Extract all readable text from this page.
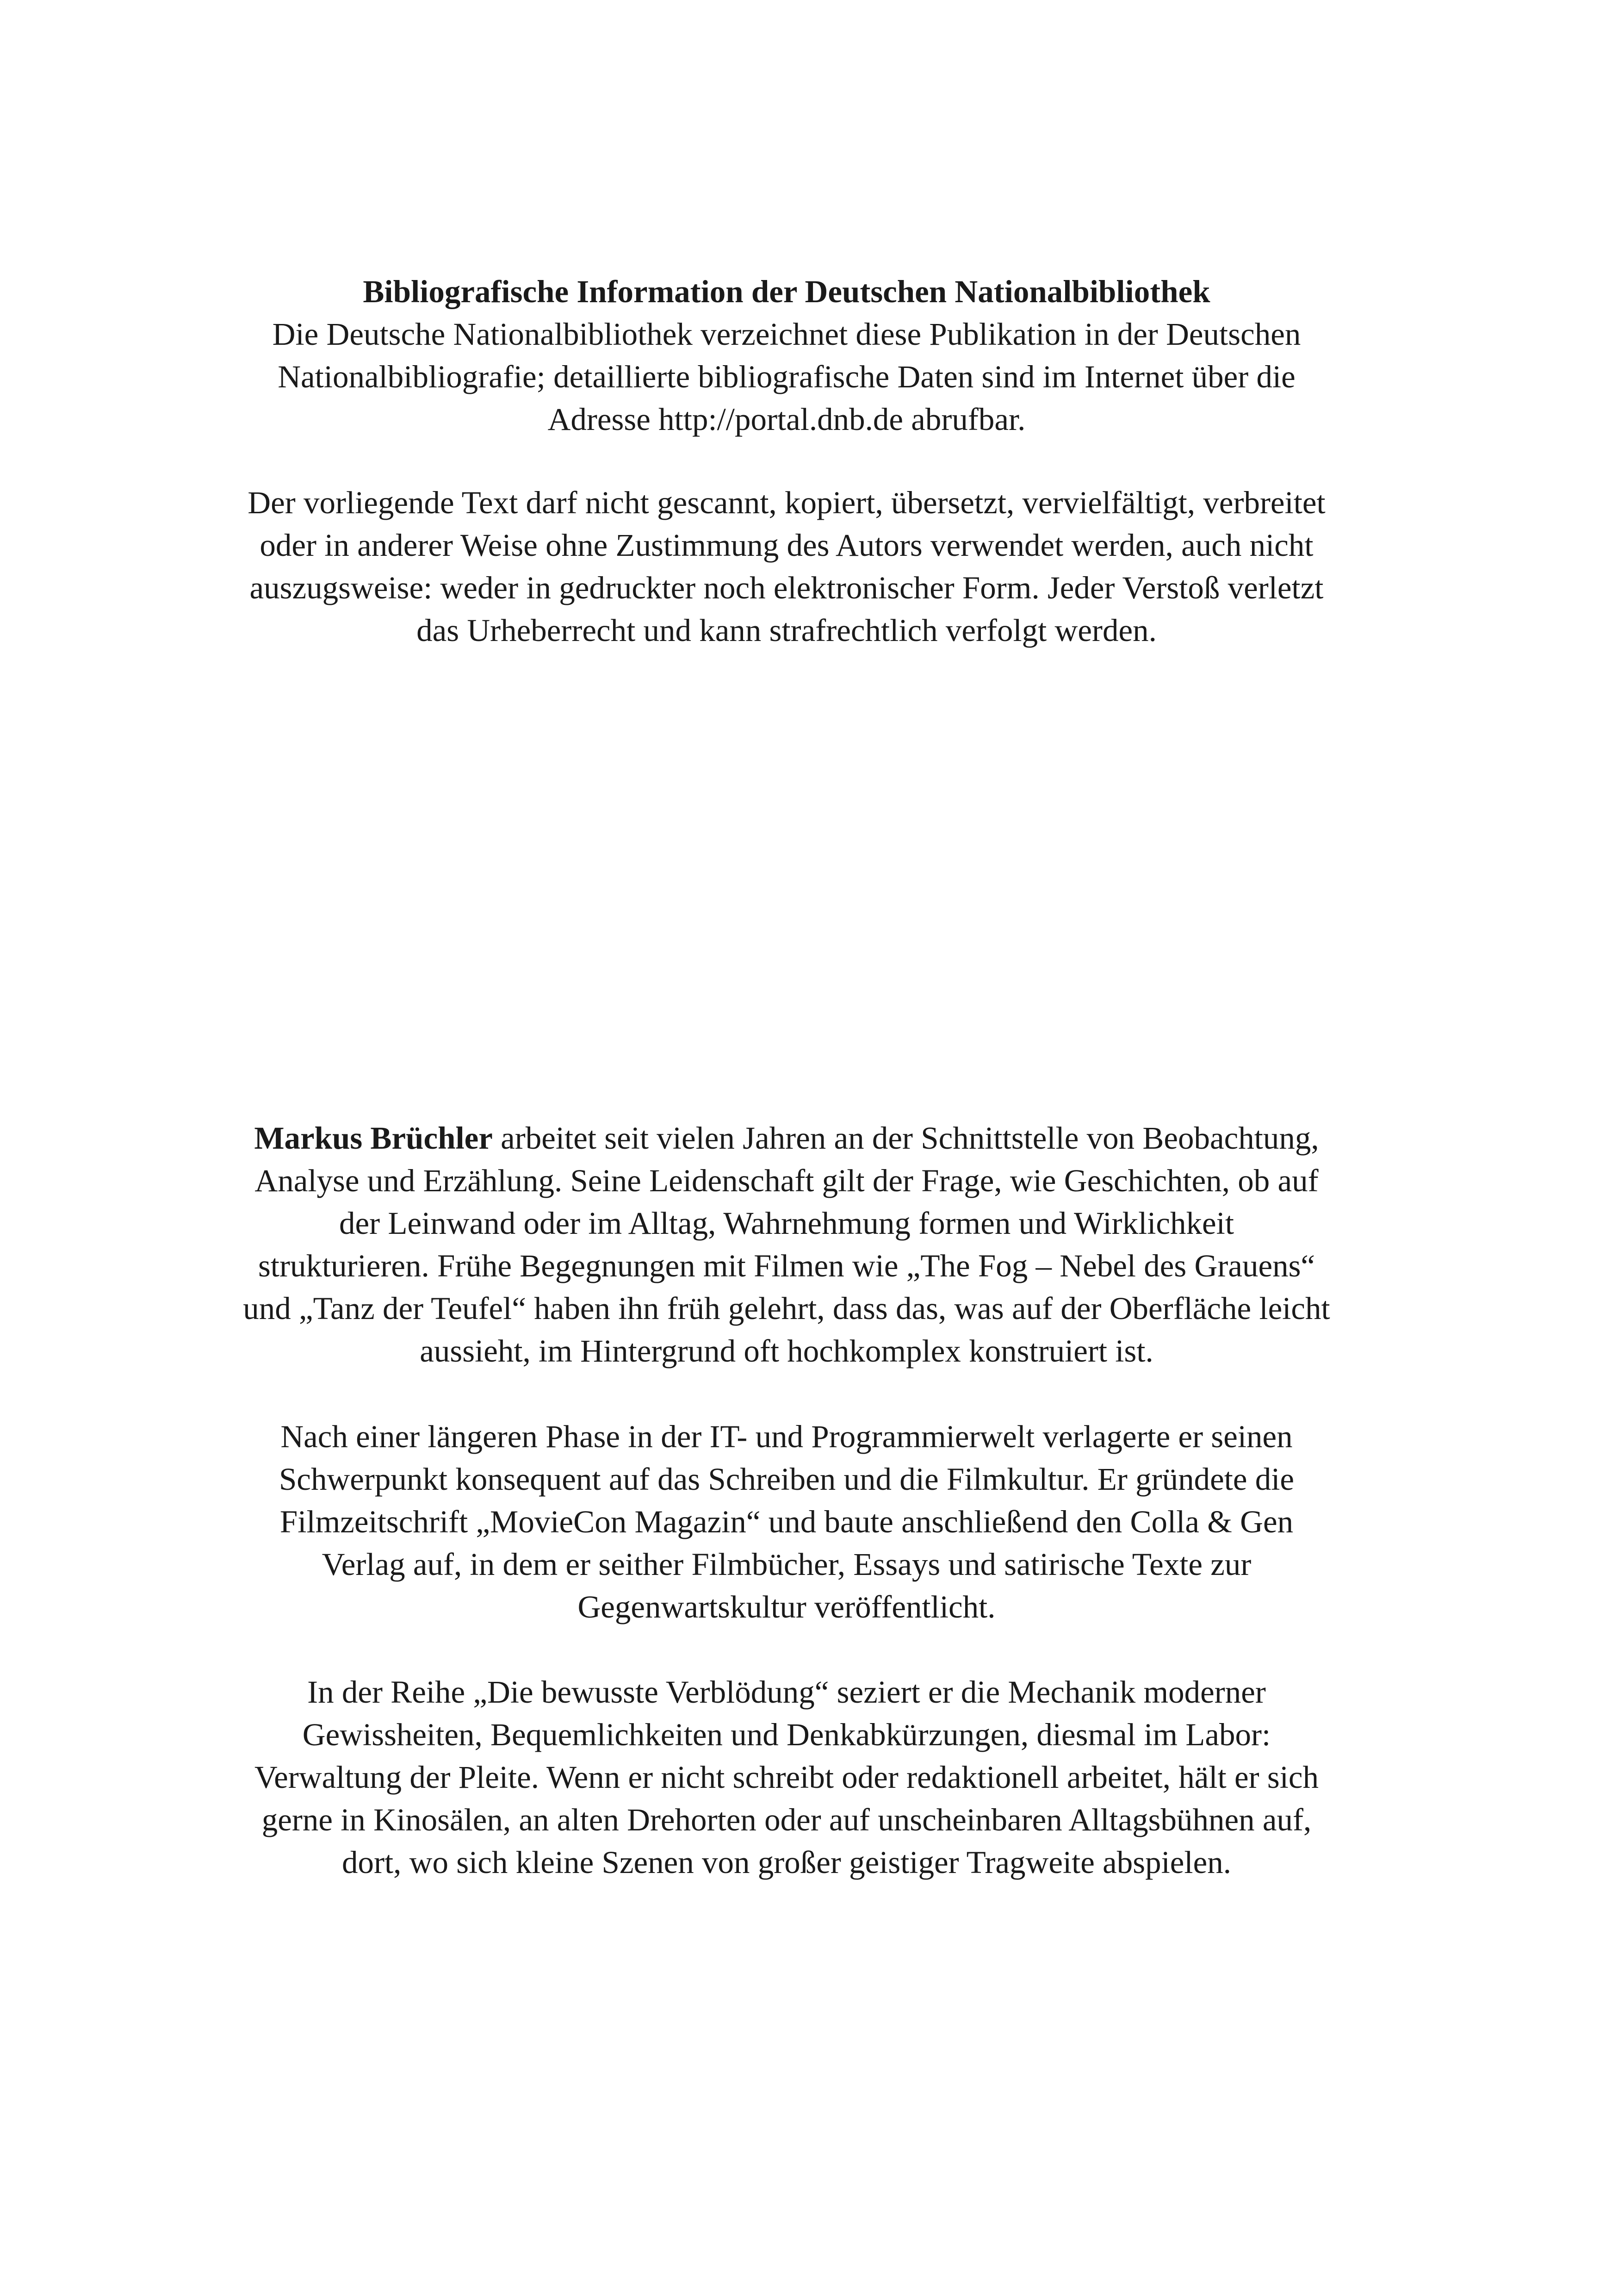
Bibliografische Information der Deutschen Nationalbibliothek
Die Deutsche Nationalbibliothek verzeichnet diese Publikation in der Deutschen
Nationalbibliografie; detaillierte bibliografische Daten sind im Internet über die
Adresse http://portal.dnb.de abrufbar.

Der vorliegende Text darf nicht gescannt, kopiert, übersetzt, vervielfältigt, verbreitet
oder in anderer Weise ohne Zustimmung des Autors verwendet werden, auch nicht
auszugsweise: weder in gedruckter noch elektronischer Form. Jeder Verstoß verletzt
das Urheberrecht und kann strafrechtlich verfolgt werden.

Markus Brüchler arbeitet seit vielen Jahren an der Schnittstelle von Beobachtung,
Analyse und Erzählung. Seine Leidenschaft gilt der Frage, wie Geschichten, ob auf
der Leinwand oder im Alltag, Wahrnehmung formen und Wirklichkeit
strukturieren. Frühe Begegnungen mit Filmen wie „The Fog – Nebel des Grauens“
und „Tanz der Teufel“ haben ihn früh gelehrt, dass das, was auf der Oberfläche leicht
aussieht, im Hintergrund oft hochkomplex konstruiert ist.

Nach einer längeren Phase in der IT- und Programmierwelt verlagerte er seinen
Schwerpunkt konsequent auf das Schreiben und die Filmkultur. Er gründete die
Filmzeitschrift „MovieCon Magazin“ und baute anschließend den Colla & Gen
Verlag auf, in dem er seither Filmbücher, Essays und satirische Texte zur
Gegenwartskultur veröffentlicht.

In der Reihe „Die bewusste Verblödung“ seziert er die Mechanik moderner
Gewissheiten, Bequemlichkeiten und Denkabkürzungen, diesmal im Labor:
Verwaltung der Pleite. Wenn er nicht schreibt oder redaktionell arbeitet, hält er sich
gerne in Kinosälen, an alten Drehorten oder auf unscheinbaren Alltagsbühnen auf,
dort, wo sich kleine Szenen von großer geistiger Tragweite abspielen.
